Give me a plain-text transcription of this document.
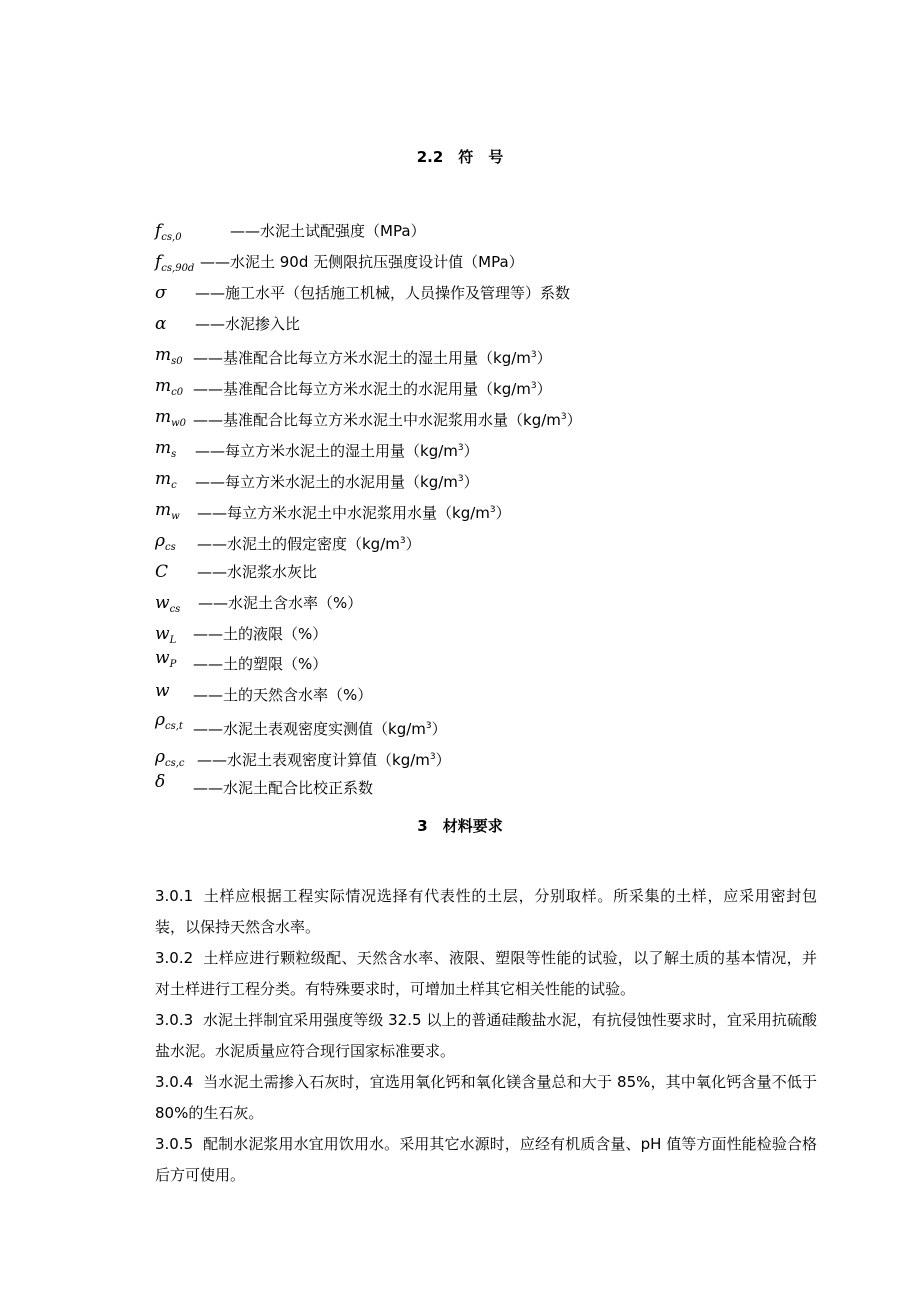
2.2　符　号
$f_{cs,0}$	——水泥土试配强度（MPa）
$f_{cs,90d}$ ——水泥土 90d 无侧限抗压强度设计值（MPa）
σ ——施工水平（包括施工机械，人员操作及管理等）系数
α ——水泥掺入比
$m_{s0}$ ——基准配合比每立方米水泥土的湿土用量$(kg/m^3)$
$m_{c0}$ ——基准配合比每立方米水泥土的水泥用量$(kg/m^3)$
$m_{w0}$ ——基准配合比每立方米水泥土中水泥浆用水量$(kg/m^3)$
$m_s$ ——每立方米水泥土的湿土用量$(kg/m^3)$
$m_c$ ——每立方米水泥土的水泥用量$(kg/m^3)$
$m_w$ ——每立方米水泥土中水泥浆用水量$(kg/m^3)$
$\rho_{cs}$ ——水泥土的假定密度$(kg/m^3)$
C ——水泥浆水灰比
$w_{cs}$ ——水泥土含水率（%）
$w_L$ ——土的液限（%）
$w_P$ ——土的塑限（%）
w ——土的天然含水率（%）
$\rho_{cs,t}$ ——水泥土表观密度实测值$(kg/m^3)$
$\rho_{cs,c}$ ——水泥土表观密度计算值$(kg/m^3)$
δ ——水泥土配合比校正系数
3　材料要求
3.0.1 土样应根据工程实际情况选择有代表性的土层，分别取样。所采集的土样，应采用密封包装，以保持天然含水率。
3.0.2 土样应进行颗粒级配、天然含水率、液限、塑限等性能的试验，以了解土质的基本情况，并对土样进行工程分类。有特殊要求时，可增加土样其它相关性能的试验。
3.0.3 水泥土拌制宜采用强度等级 32.5 以上的普通硅酸盐水泥，有抗侵蚀性要求时，宜采用抗硫酸盐水泥。水泥质量应符合现行国家标准要求。
3.0.4 当水泥土需掺入石灰时，宜选用氧化钙和氧化镁含量总和大于 85%，其中氧化钙含量不低于 80%的生石灰。
3.0.5 配制水泥浆用水宜用饮用水。采用其它水源时，应经有机质含量、pH 值等方面性能检验合格后方可使用。
